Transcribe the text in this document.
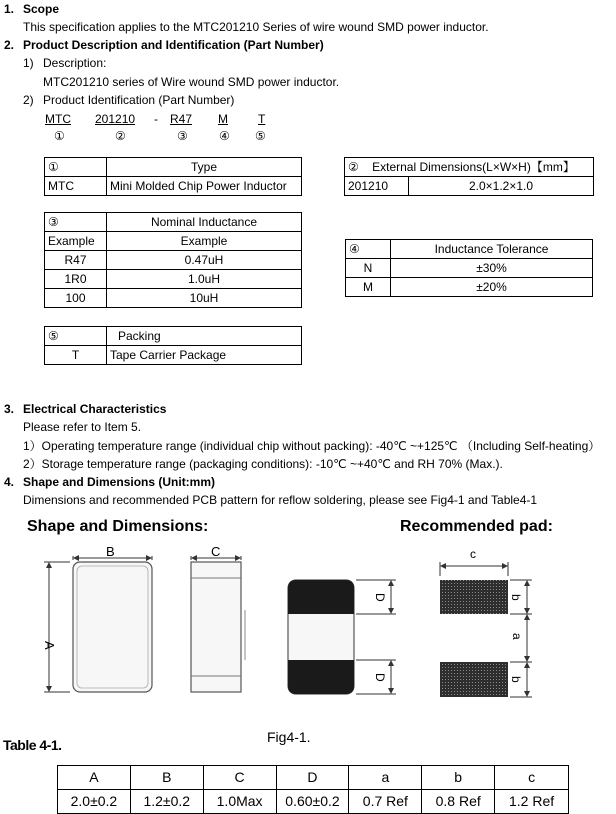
1. Scope
This specification applies to the MTC201210 Series of wire wound SMD power inductor.
2. Product Description and Identification (Part Number)
1) Description:
MTC201210 series of Wire wound SMD power inductor.
2) Product Identification (Part Number)
MTC 201210 - R47 M	T
①	②	③	④ ⑤
①	Type
MTC	Mini Molded Chip Power Inductor
② External Dimensions(L×W×H)【mm】
201210	2.0×1.2×1.0
③	Nominal Inductance
Example	Example
R47	0.47uH
1R0	1.0uH
100	10uH
④	Inductance Tolerance
N	±30%
M	±20%
⑤	Packing
T	Tape Carrier Package
3. Electrical Characteristics
Please refer to Item 5.
1）Operating temperature range (individual chip without packing): -40℃ ~+125℃ （Including Self-heating）
2）Storage temperature range (packaging conditions): -10℃ ~+40℃ and RH 70% (Max.).
4. Shape and Dimensions (Unit:mm)
Dimensions and recommended PCB pattern for reflow soldering, please see Fig4-1 and Table4-1
Shape and Dimensions:	Recommended pad:
B	C
A
D
D
c
b
a
b
Fig4-1.
Table 4-1.
A	B	C	D	a	b	c
2.0±0.2	1.2±0.2	1.0Max	0.60±0.2	0.7 Ref	0.8 Ref	1.2 Ref
